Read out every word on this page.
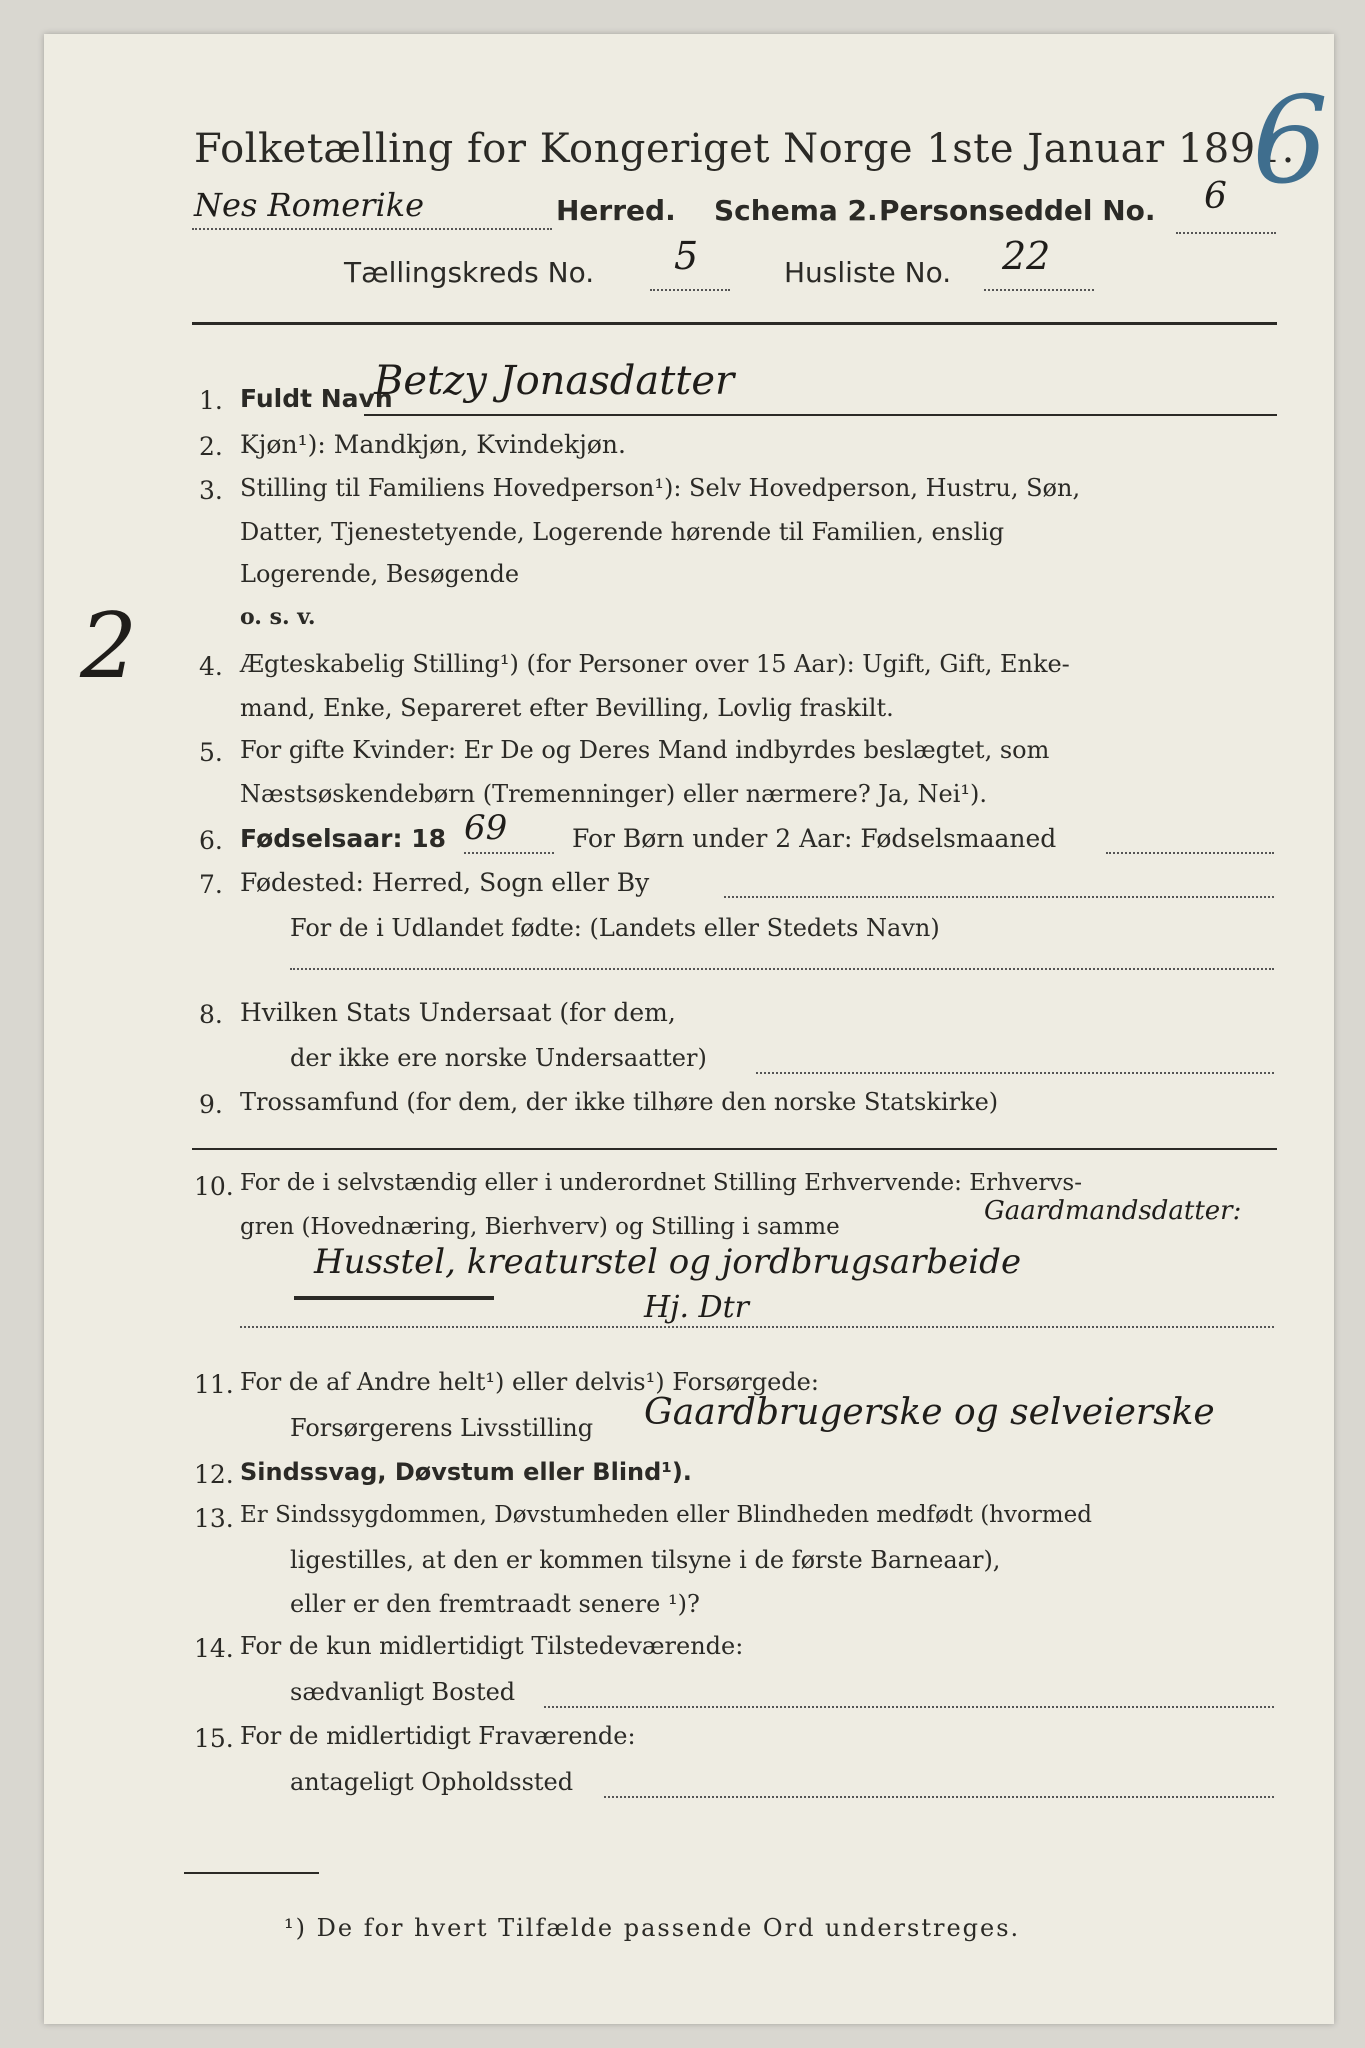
Folketælling for Kongeriget Norge 1ste Januar 1891.
6
Nes Romerike	Herred. Schema 2. Personseddel No. 6
Tællingskreds No. 5	Husliste No. 22
2
1. Fuldt Navn
Betzy Jonasdatter
2. Kjøn¹): Mandkjøn, Kvindekjøn.
3. Stilling til Familiens Hovedperson¹): Selv Hovedperson, Hustru, Søn,
Datter, Tjenestetyende, Logerende hørende til Familien, enslig
Logerende, Besøgende
o. s. v.
4. Ægteskabelig Stilling¹) (for Personer over 15 Aar): Ugift, Gift, Enke-
mand, Enke, Separeret efter Bevilling, Lovlig fraskilt.
5. For gifte Kvinder: Er De og Deres Mand indbyrdes beslægtet, som
Næstsøskendebørn (Tremenninger) eller nærmere? Ja, Nei¹).
6. Fødselsaar: 18 69	For Børn under 2 Aar: Fødselsmaaned
7. Fødested: Herred, Sogn eller By
For de i Udlandet fødte: (Landets eller Stedets Navn)
8. Hvilken Stats Undersaat (for dem,
der ikke ere norske Undersaatter)
9. Trossamfund (for dem, der ikke tilhøre den norske Statskirke)
10. For de i selvstændig eller i underordnet Stilling Erhvervende: Erhvervs-
gren (Hovednæring, Bierhverv) og Stilling i samme
Gaardmandsdatter:
Husstel, kreaturstel og jordbrugsarbeide
Hj. Dtr
11. For de af Andre helt¹) eller delvis¹) Forsørgede:
Forsørgerens Livsstilling Gaardbrugerske og selveierske
12. Sindssvag, Døvstum eller Blind¹).
13. Er Sindssygdommen, Døvstumheden eller Blindheden medfødt (hvormed
ligestilles, at den er kommen tilsyne i de første Barneaar),
eller er den fremtraadt senere ¹)?
14. For de kun midlertidigt Tilstedeværende:
sædvanligt Bosted
15. For de midlertidigt Fraværende:
antageligt Opholdssted
¹) De for hvert Tilfælde passende Ord understreges.
